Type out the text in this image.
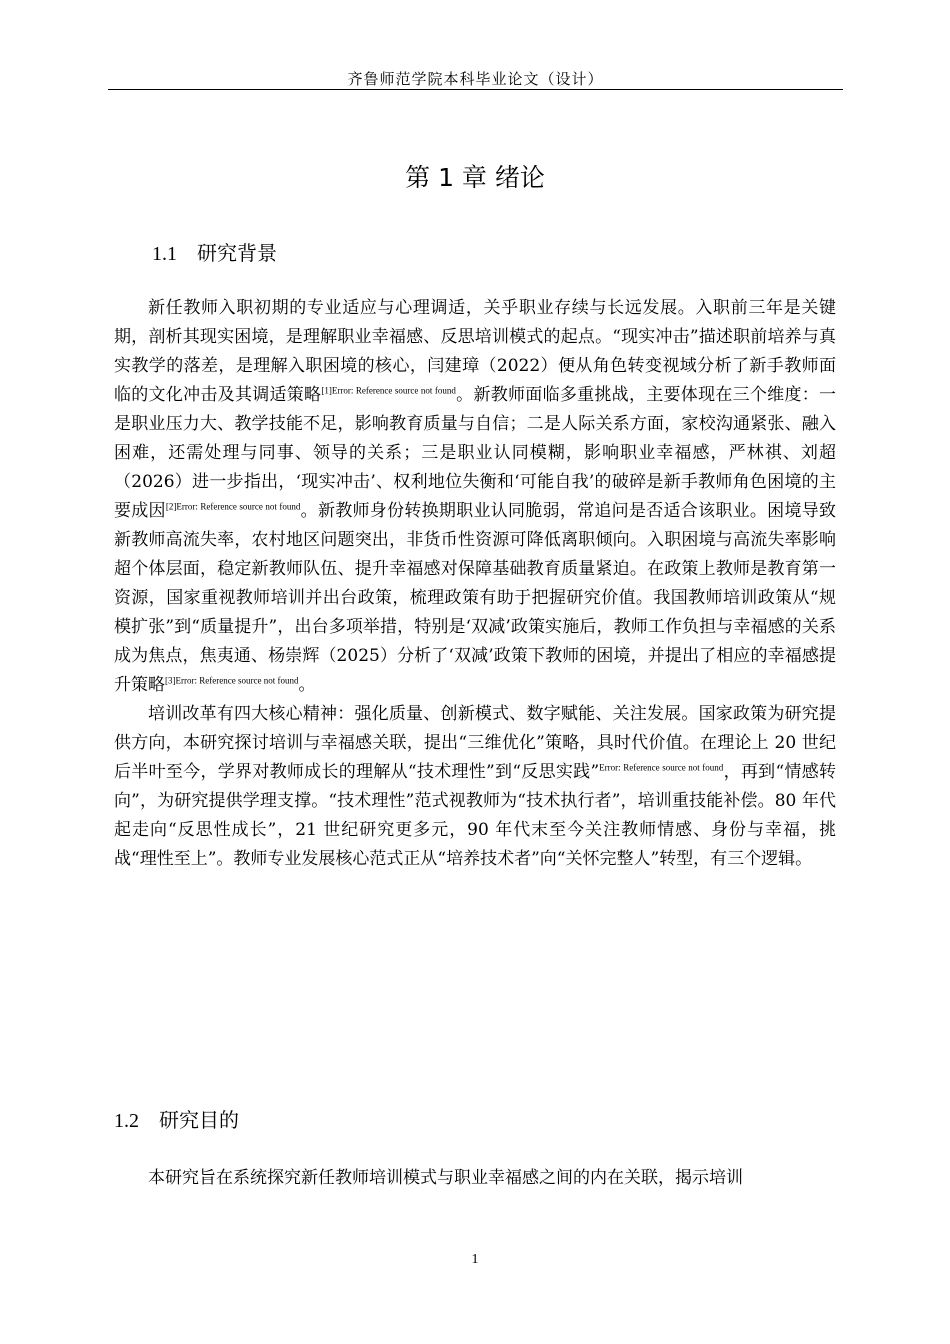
齐鲁师范学院本科毕业论文（设计）
第 1 章 绪论
1.1 研究背景

新任教师入职初期的专业适应与心理调适，关乎职业存续与长远发展。入职前三年是关键期，剖析其现实困境，是理解职业幸福感、反思培训模式的起点。“现实冲击”描述职前培养与真实教学的落差，是理解入职困境的核心，闫建璋（2022）便从角色转变视域分析了新手教师面临的文化冲击及其调适策略$^{[1]Error: Reference source not found}$。新教师面临多重挑战，主要体现在三个维度：一是职业压力大、教学技能不足，影响教育质量与自信；二是人际关系方面，家校沟通紧张、融入困难，还需处理与同事、领导的关系；三是职业认同模糊，影响职业幸福感，严林祺、刘超（2026）进一步指出，‘现实冲击’、权利地位失衡和‘可能自我’的破碎是新手教师角色困境的主要成因$^{[2]Error: Reference source not found}$。新教师身份转换期职业认同脆弱，常追问是否适合该职业。困境导致新教师高流失率，农村地区问题突出，非货币性资源可降低离职倾向。入职困境与高流失率影响超个体层面，稳定新教师队伍、提升幸福感对保障基础教育质量紧迫。在政策上教师是教育第一资源，国家重视教师培训并出台政策，梳理政策有助于把握研究价值。我国教师培训政策从“规模扩张”到“质量提升”，出台多项举措，特别是‘双减’政策实施后，教师工作负担与幸福感的关系成为焦点，焦夷通、杨崇辉（2025）分析了‘双减’政策下教师的困境，并提出了相应的幸福感提升策略$^{[3]Error: Reference source not found}$。

培训改革有四大核心精神：强化质量、创新模式、数字赋能、关注发展。国家政策为研究提供方向，本研究探讨培训与幸福感关联，提出“三维优化”策略，具时代价值。在理论上 20 世纪后半叶至今，学界对教师成长的理解从“技术理性”到“反思实践”$^{Error: Reference source not found}$，再到“情感转向”，为研究提供学理支撑。“技术理性”范式视教师为“技术执行者”，培训重技能补偿。80 年代起走向“反思性成长”，21 世纪研究更多元，90 年代末至今关注教师情感、身份与幸福，挑战“理性至上”。教师专业发展核心范式正从“培养技术者”向“关怀完整人”转型，有三个逻辑。

1.2 研究目的

本研究旨在系统探究新任教师培训模式与职业幸福感之间的内在关联，揭示培训

1
